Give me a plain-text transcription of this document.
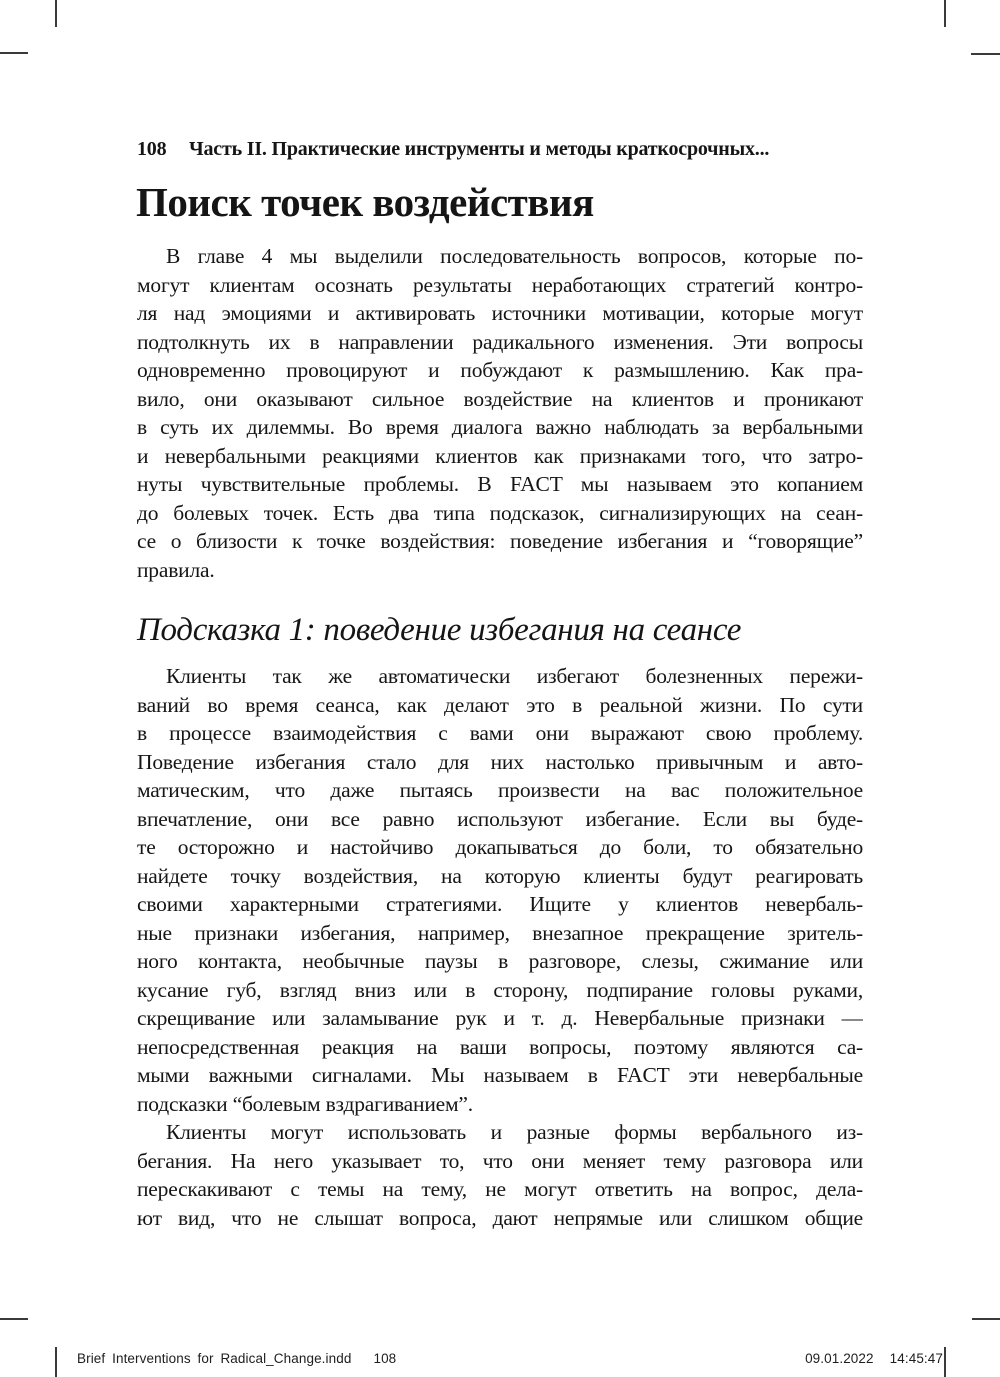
108 Часть II. Практические инструменты и методы краткосрочных...
Поиск точек воздействия
В главе 4 мы выделили последовательность вопросов, которые по-
могут клиентам осознать результаты неработающих стратегий контро-
ля над эмоциями и активировать источники мотивации, которые могут
подтолкнуть их в направлении радикального изменения. Эти вопросы
одновременно провоцируют и побуждают к размышлению. Как пра-
вило, они оказывают сильное воздействие на клиентов и проникают
в суть их дилеммы. Во время диалога важно наблюдать за вербальными
и невербальными реакциями клиентов как признаками того, что затро-
нуты чувствительные проблемы. В FACT мы называем это копанием
до болевых точек. Есть два типа подсказок, сигнализирующих на сеан-
се о близости к точке воздействия: поведение избегания и “говорящие”
правила.
Подсказка 1: поведение избегания на сеансе
Клиенты так же автоматически избегают болезненных пережи-
ваний во время сеанса, как делают это в реальной жизни. По сути
в процессе взаимодействия с вами они выражают свою проблему.
Поведение избегания стало для них настолько привычным и авто-
матическим, что даже пытаясь произвести на вас положительное
впечатление, они все равно используют избегание. Если вы буде-
те осторожно и настойчиво докапываться до боли, то обязательно
найдете точку воздействия, на которую клиенты будут реагировать
своими характерными стратегиями. Ищите у клиентов невербаль-
ные признаки избегания, например, внезапное прекращение зритель-
ного контакта, необычные паузы в разговоре, слезы, сжимание или
кусание губ, взгляд вниз или в сторону, подпирание головы руками,
скрещивание или заламывание рук и т. д. Невербальные признаки —
непосредственная реакция на ваши вопросы, поэтому являются са-
мыми важными сигналами. Мы называем в FACT эти невербальные
подсказки “болевым вздрагиванием”.
Клиенты могут использовать и разные формы вербального из-
бегания. На него указывает то, что они меняет тему разговора или
перескакивают с темы на тему, не могут ответить на вопрос, дела-
ют вид, что не слышат вопроса, дают непрямые или слишком общие
Brief Interventions for Radical_Change.indd 108	09.01.2022 14:45:47
